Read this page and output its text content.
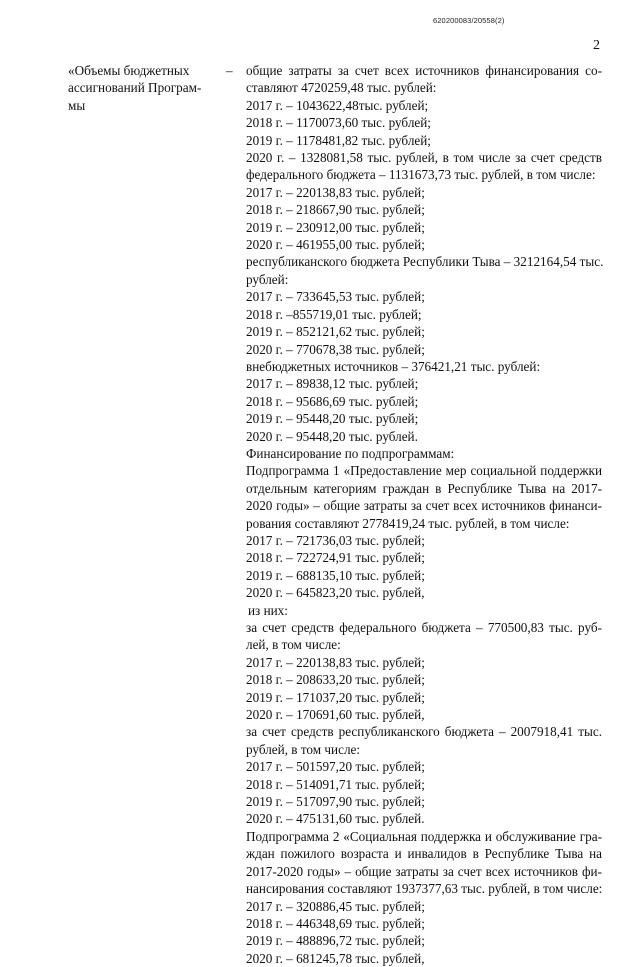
620200083/20558(2)
2
«Объемы бюджетных ассигнований Програм-мы
– общие затраты за счет всех источников финансирования со-
ставляют 4720259,48 тыс. рублей:
2017 г. – 1043622,48тыс. рублей;
2018 г. – 1170073,60 тыс. рублей;
2019 г. – 1178481,82 тыс. рублей;
2020 г. – 1328081,58 тыс. рублей, в том числе за счет средств
федерального бюджета – 1131673,73 тыс. рублей, в том числе:
2017 г. – 220138,83 тыс. рублей;
2018 г. – 218667,90 тыс. рублей;
2019 г. – 230912,00 тыс. рублей;
2020 г. – 461955,00 тыс. рублей;
республиканского бюджета Республики Тыва – 3212164,54 тыс.
рублей:
2017 г. – 733645,53 тыс. рублей;
2018 г. –855719,01 тыс. рублей;
2019 г. – 852121,62 тыс. рублей;
2020 г. – 770678,38 тыс. рублей;
внебюджетных источников – 376421,21 тыс. рублей:
2017 г. – 89838,12 тыс. рублей;
2018 г. – 95686,69 тыс. рублей;
2019 г. – 95448,20 тыс. рублей;
2020 г. – 95448,20 тыс. рублей.
Финансирование по подпрограммам:
Подпрограмма 1 «Предоставление мер социальной поддержки
отдельным категориям граждан в Республике Тыва на 2017-
2020 годы» – общие затраты за счет всех источников финанси-
рования составляют 2778419,24 тыс. рублей, в том числе:
2017 г. – 721736,03 тыс. рублей;
2018 г. – 722724,91 тыс. рублей;
2019 г. – 688135,10 тыс. рублей;
2020 г. – 645823,20 тыс. рублей,
из них:
за счет средств федерального бюджета – 770500,83 тыс. руб-
лей, в том числе:
2017 г. – 220138,83 тыс. рублей;
2018 г. – 208633,20 тыс. рублей;
2019 г. – 171037,20 тыс. рублей;
2020 г. – 170691,60 тыс. рублей,
за счет средств республиканского бюджета – 2007918,41 тыс.
рублей, в том числе:
2017 г. – 501597,20 тыс. рублей;
2018 г. – 514091,71 тыс. рублей;
2019 г. – 517097,90 тыс. рублей;
2020 г. – 475131,60 тыс. рублей.
Подпрограмма 2 «Социальная поддержка и обслуживание гра-
ждан пожилого возраста и инвалидов в Республике Тыва на
2017-2020 годы» – общие затраты за счет всех источников фи-
нансирования составляют 1937377,63 тыс. рублей, в том числе:
2017 г. – 320886,45 тыс. рублей;
2018 г. – 446348,69 тыс. рублей;
2019 г. – 488896,72 тыс. рублей;
2020 г. – 681245,78 тыс. рублей,
